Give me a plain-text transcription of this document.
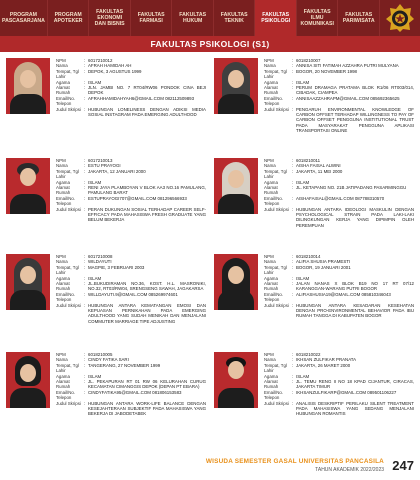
PROGRAM PASCASARJANA
PROGRAM APOTEKER
FAKULTAS EKONOMI DAN BISNIS
FAKULTAS FARMASI
FAKULTAS HUKUM
FAKULTAS TEKNIK
FAKULTAS PSIKOLOGI
FAKULTAS ILMU KOMUNIKASI
FAKULTAS PARIWISATA
FAKULTAS PSIKOLOGI (S1)
NPM	: 6017210012
Nama	: AFRAH HAMIDAH AH
Tempat, Tgl Lahir
: DEPOK, 3 AGUSTUS 1999
Agama	: ISLAM
Alamat Rumah
: JLN. JAMBI NO. 7 RT04/RW06 PONDOK CINA BEJI DEPOK
Email/No. Telepon
: AFRAHHAMIDAHYAH6@GMAIL.COM 082112509893
Judul Skripsi : HUBUNGAN LONELINESS DENGAN ADIKSI MEDIA SOSIAL INSTAGRAM PADA EMERGING ADULTHOOD
NPM	: 6018210007
Nama	: ANNISA SITI FATIMAH AZZAHRA PUTRI MULYANA
Tempat, Tgl Lahir
: BOGOR, 20 NOVEMBER 1998
Agama	: ISLAM
Alamat Rumah
: PERUM DRAMAGA PRATAMA BLOK R1/06 RT003/014, CIBADAK, CIAMPEA
Email/No. Telepon
: ANNISAAZZAHRAPM@GMAIL.COM 085692365625
Judul Skripsi : PENGARUH ENVIRONMENTAL KNOWLEDGE OF CARBON OFFSET TERHADAP WILLINGNESS TO PAY OF CARBON OFFSET PENGGUNA INSTITUTIONAL TRUST PADA MASYARAKAT PENGGUNA APLIKASI TRANSPORTASI ONLINE
NPM	: 6017210013
Nama	: ESTU PRAYOGI
Tempat, Tgl Lahir
: JAKARTA, 12 JANUARI 2000
Agama	: ISLAM
Alamat Rumah
: RENI JAYA PLAMBOYAN V BLOK AA3 NO.16 PAMULANG, PAMULANG BARAT
Email/No. Telepon
: ESTUPRAYOGI707@GMAIL.COM 081296566933
Judul Skripsi : PERAN DUKUNGAN SOSIAL TERHADAP CAREER SELF-EFFICACY PADA MAHASISWA FRESH GRADUATE YANG BELUM BEKERJA
NPM	: 6018210011
Nama	: AISHA FAISAL ALWINI
Tempat, Tgl Lahir
: JAKARTA, 11 MEI 2000
Agama	: ISLAM
Alamat Rumah
: JL. KETAPANG NO. 21B JATIPADANG PASARMINGGU
Email/No. Telepon
: AISHAFAISAL@GMAIL.COM 087788310570
Judul Skripsi : HUBUNGAN ANTARA IDEOLOGI MASKULIN DENGAN PSYCHOLOGICAL STRAIN PADA LAKI-LAKI DILINGKUNGAN KERJA YANG DIPIMPIN OLEH PEREMPUAN
NPM	: 6017210008
Nama	: WILDAYUTI
Tempat, Tgl Lahir
: MAGPIE, 3 FEBRUARI 2003
Agama	: ISLAM
Alamat Rumah
: JL.BUKUDIRAMAN NO.36, KOST. H.L. MASRONIKI, NO.32, RT03/RW04, SRENGSENG SAWAH, JAGAKARSA
Email/No. Telepon
: WILLDAYUTI.9@GMAIL.COM 085269974601
Judul Skripsi : HUBUNGAN ANTARA KEMATANGAN EMOSI DAN KEPUASAN PERNIKAHAN PADA EMERGING ADULTHOOD YANG SUDAH MENIKAH DAN MENJALANI COMMUTER MARRIAGE TIPE ADJUSTING
NPM	: 6018210014
Nama	: ALIFIA SHUSIA PRAMESTI
Tempat, Tgl Lahir
: BOGOR, 19 JANUARI 2001
Agama	: ISLAM
Alamat Rumah
: JALAN NANAS X BLOK B19 NO 17 RT 07/12 KARANGGAN-WARANG PUTRI BOGOR
Email/No. Telepon
: ALIFIASHUSIA19@GMAIL.COM 085810346043
Judul Skripsi : HUBUNGAN ANTARA KESADARAN KESEHATAN DENGAN PRO-ENVIRONMENTAL BEHAVIOR PADA IBU RUMAH TANGGA DI KABUPATEN BOGOR
NPM	: 6018210005
Nama	: CINDY FATIKA SARI
Tempat, Tgl Lahir
: TANGERANG, 27 NOVEMBER 1999
Agama	: ISLAM
Alamat Rumah
: JL. PEKAPURAN RT 01 RW 06 KELURAHAN CURUG KECAMATAN CIMANGGIS DEPOK (DEPAN PT EBARA)
Email/No. Telepon
: CINDYFATIKA95@GMAIL.COM 081806153583
Judul Skripsi : HUBUNGAN ANTARA WORK-LIFE BALANCE DENGAN KESEJAHTERAAN SUBJEKTIF PADA MAHASISWA YANG BEKERJA DI JABODETABEK
NPM	: 6018210022
Nama	: IKHSAN ZULFIKAR PRANATA
Tempat, Tgl Lahir
: JAKARTA, 26 MARET 2000
Agama	: ISLAM
Alamat Rumah
: JL. TEMU RENG II NO 18 KPAD CIJANTUR, CIRACAS, JAKARTA TIMUR
Email/No. Telepon
: IKHSANZULFIKARP@GMAIL.COM 089501106227
Judul Skripsi : ANALISIS DESKRIPTIF PERILAKU SILENT TREATMENT PADA MAHASISWA YANG SEDANG MENJALANI HUBUNGAN ROMANTIS
WISUDA SEMESTER GASAL UNIVERSITAS PANCASILA
TAHUN AKADEMIK 2022/2023 247
